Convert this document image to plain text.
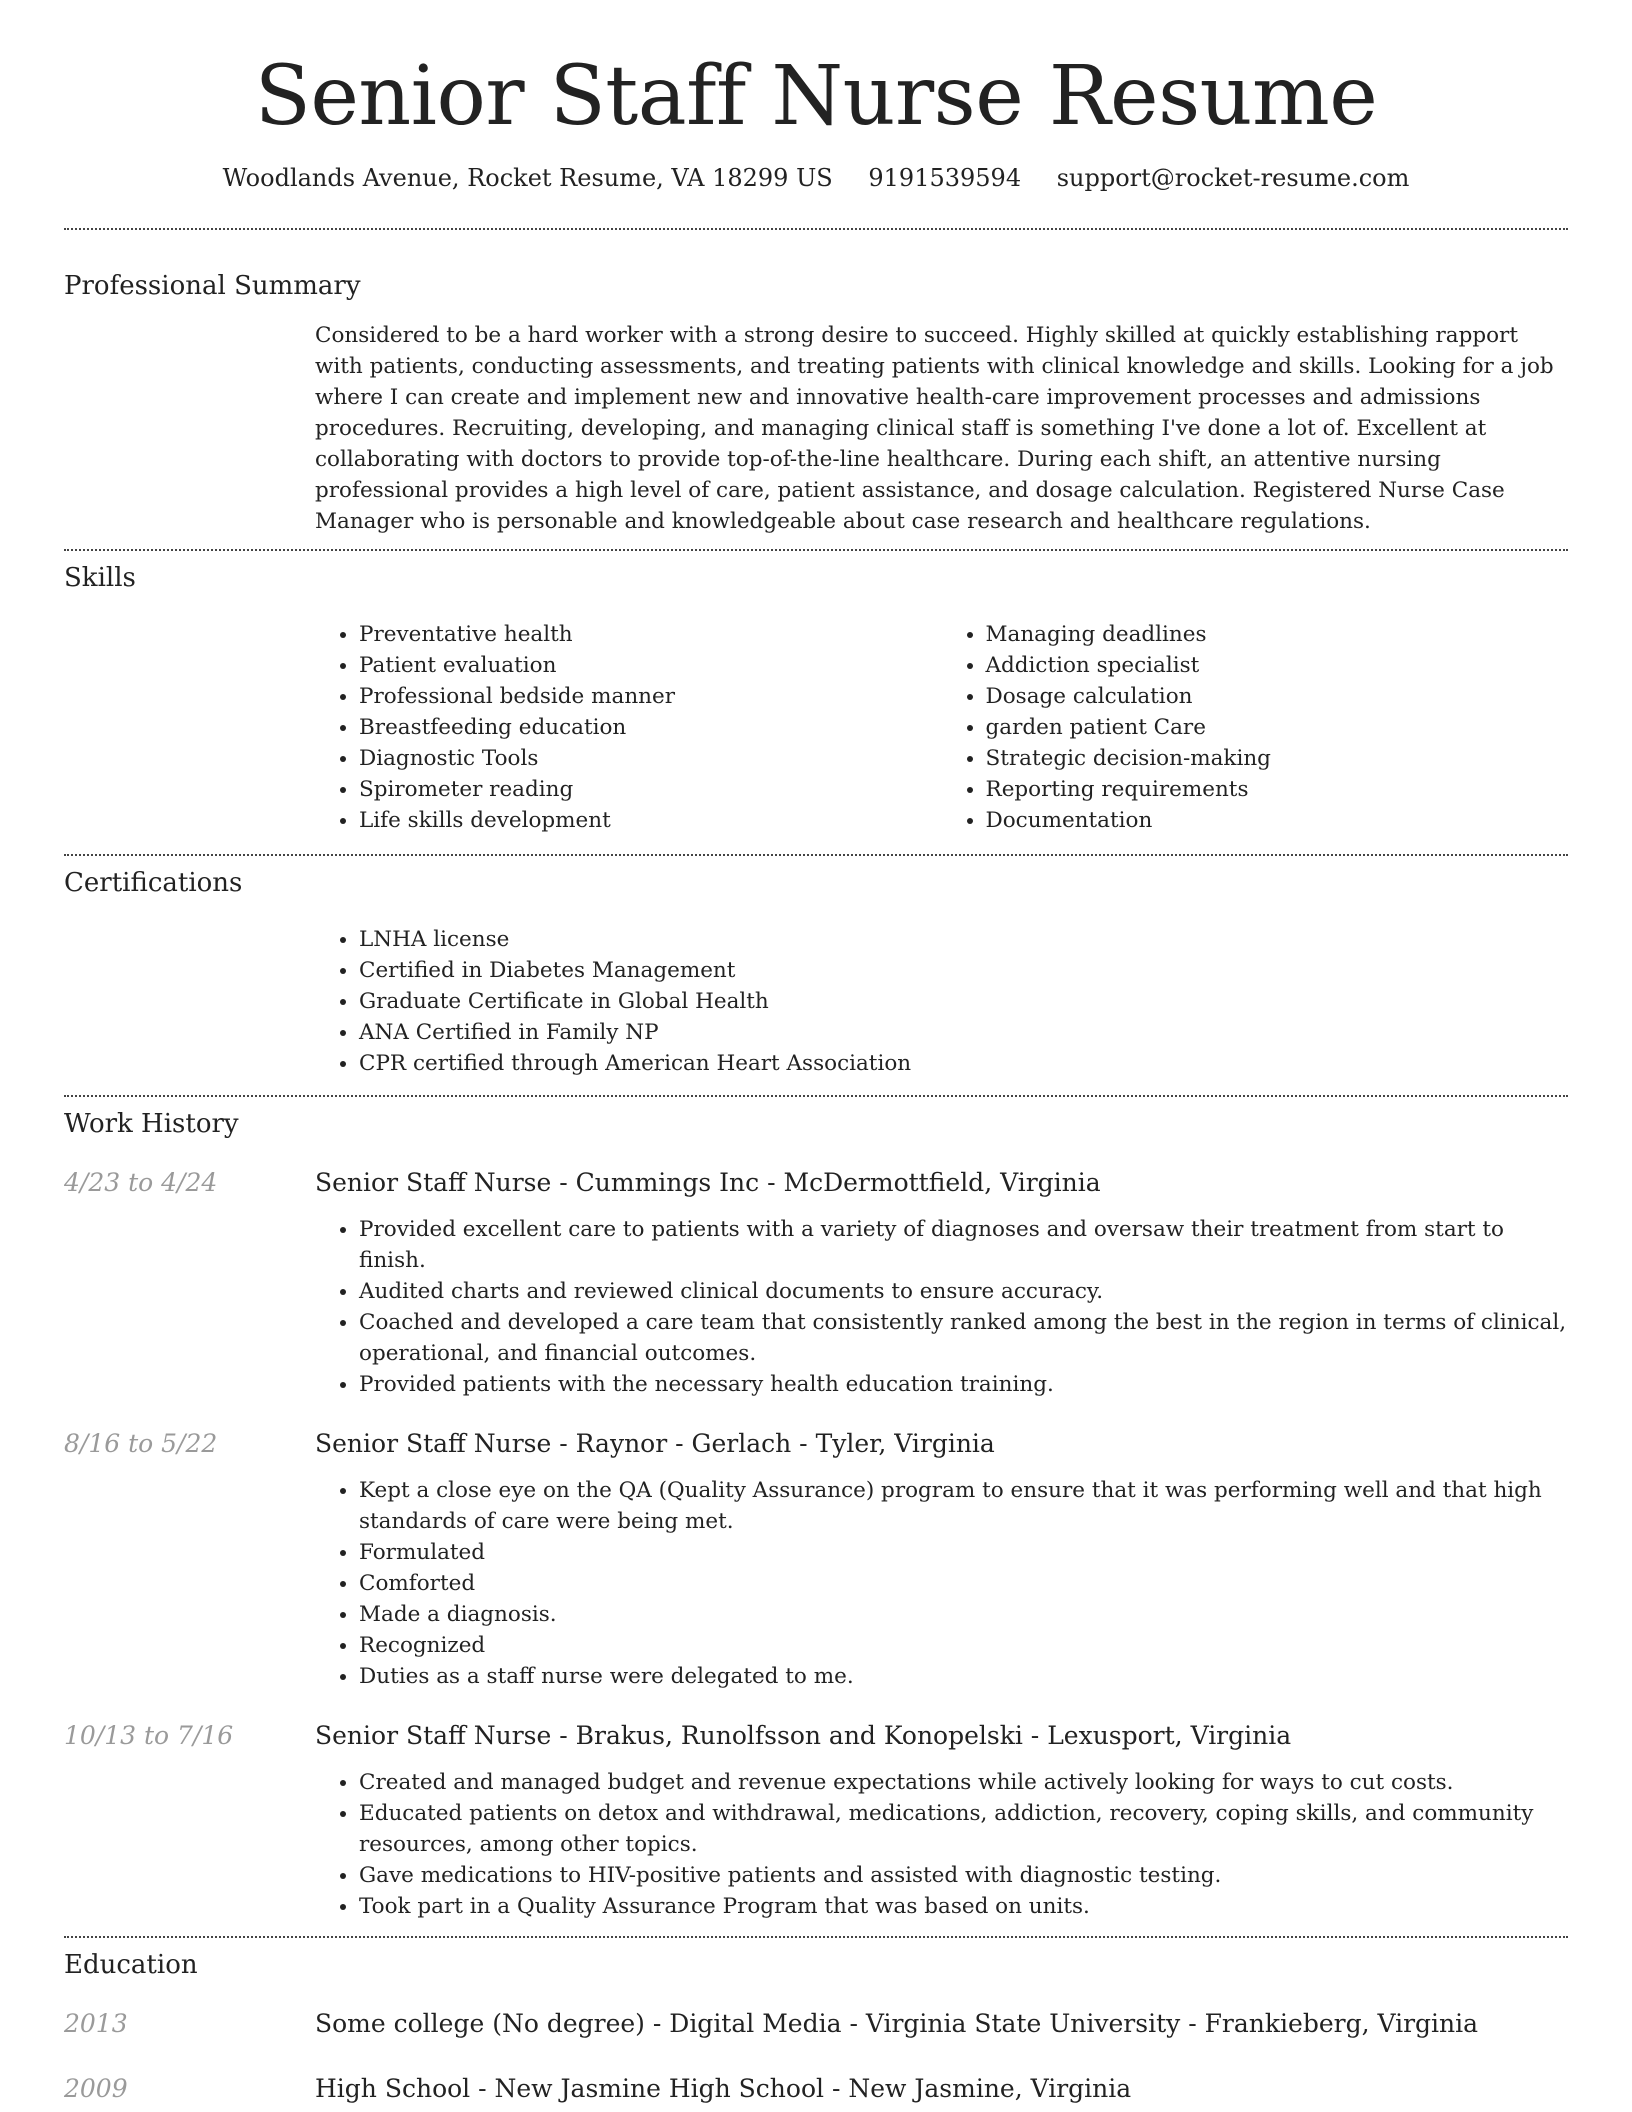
Senior Staff Nurse Resume
Woodlands Avenue, Rocket Resume, VA 18299 US 9191539594 support@rocket-resume.com
Professional Summary

Considered to be a hard worker with a strong desire to succeed. Highly skilled at quickly establishing rapport with patients, conducting assessments, and treating patients with clinical knowledge and skills. Looking for a job where I can create and implement new and innovative health-care improvement processes and admissions procedures. Recruiting, developing, and managing clinical staff is something I've done a lot of. Excellent at collaborating with doctors to provide top-of-the-line healthcare. During each shift, an attentive nursing professional provides a high level of care, patient assistance, and dosage calculation. Registered Nurse Case Manager who is personable and knowledgeable about case research and healthcare regulations.

Skills
• Preventative health
• Patient evaluation
• Professional bedside manner
• Breastfeeding education
• Diagnostic Tools
• Spirometer reading
• Life skills development
• Managing deadlines
• Addiction specialist
• Dosage calculation
• garden patient Care
• Strategic decision-making
• Reporting requirements
• Documentation
Certifications
• LNHA license
• Certified in Diabetes Management
• Graduate Certificate in Global Health
• ANA Certified in Family NP
• CPR certified through American Heart Association
Work History
4/23 to 4/24	Senior Staff Nurse - Cummings Inc - McDermottfield, Virginia
• Provided excellent care to patients with a variety of diagnoses and oversaw their treatment from start to finish.
• Audited charts and reviewed clinical documents to ensure accuracy.
• Coached and developed a care team that consistently ranked among the best in the region in terms of clinical, operational, and financial outcomes.
• Provided patients with the necessary health education training.
8/16 to 5/22	Senior Staff Nurse - Raynor - Gerlach - Tyler, Virginia
• Kept a close eye on the QA (Quality Assurance) program to ensure that it was performing well and that high standards of care were being met.
• Formulated
• Comforted
• Made a diagnosis.
• Recognized
• Duties as a staff nurse were delegated to me.
10/13 to 7/16	Senior Staff Nurse - Brakus, Runolfsson and Konopelski - Lexusport, Virginia
• Created and managed budget and revenue expectations while actively looking for ways to cut costs.
• Educated patients on detox and withdrawal, medications, addiction, recovery, coping skills, and community resources, among other topics.
• Gave medications to HIV-positive patients and assisted with diagnostic testing.
• Took part in a Quality Assurance Program that was based on units.
Education
2013	Some college (No degree) - Digital Media - Virginia State University - Frankieberg, Virginia
2009	High School - New Jasmine High School - New Jasmine, Virginia
